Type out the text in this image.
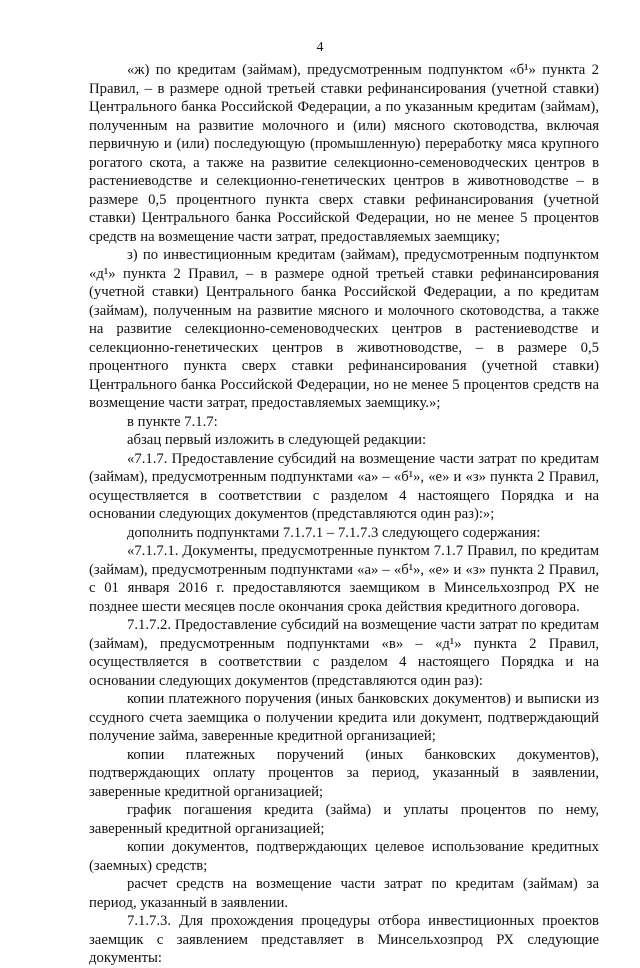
4

«ж) по кредитам (займам), предусмотренным подпунктом «б¹» пункта 2 Правил, – в размере одной третьей ставки рефинансирования (учетной ставки) Центрального банка Российской Федерации, а по указанным кредитам (займам), полученным на развитие молочного и (или) мясного скотоводства, включая первичную и (или) последующую (промышленную) переработку мяса крупного рогатого скота, а также на развитие селекционно-семеноводческих центров в растениеводстве и селекционно-генетических центров в животноводстве – в размере 0,5 процентного пункта сверх ставки рефинансирования (учетной ставки) Центрального банка Российской Федерации, но не менее 5 процентов средств на возмещение части затрат, предоставляемых заемщику;

з) по инвестиционным кредитам (займам), предусмотренным подпунктом «д¹» пункта 2 Правил, – в размере одной третьей ставки рефинансирования (учетной ставки) Центрального банка Российской Федерации, а по кредитам (займам), полученным на развитие мясного и молочного скотоводства, а также на развитие селекционно-семеноводческих центров в растениеводстве и селекционно-генетических центров в животноводстве, – в размере 0,5 процентного пункта сверх ставки рефинансирования (учетной ставки) Центрального банка Российской Федерации, но не менее 5 процентов средств на возмещение части затрат, предоставляемых заемщику.»;

в пункте 7.1.7:

абзац первый изложить в следующей редакции:

«7.1.7. Предоставление субсидий на возмещение части затрат по кредитам (займам), предусмотренным подпунктами «а» – «б¹», «е» и «з» пункта 2 Правил, осуществляется в соответствии с разделом 4 настоящего Порядка и на основании следующих документов (представляются один раз):»;

дополнить подпунктами 7.1.7.1 – 7.1.7.3 следующего содержания:

«7.1.7.1. Документы, предусмотренные пунктом 7.1.7 Правил, по кредитам (займам), предусмотренным подпунктами «а» – «б¹», «е» и «з» пункта 2 Правил, с 01 января 2016 г. предоставляются заемщиком в Минсельхозпрод РХ не позднее шести месяцев после окончания срока действия кредитного договора.

7.1.7.2. Предоставление субсидий на возмещение части затрат по кредитам (займам), предусмотренным подпунктами «в» – «д¹» пункта 2 Правил, осуществляется в соответствии с разделом 4 настоящего Порядка и на основании следующих документов (представляются один раз):

копии платежного поручения (иных банковских документов) и выписки из ссудного счета заемщика о получении кредита или документ, подтверждающий получение займа, заверенные кредитной организацией;

копии платежных поручений (иных банковских документов), подтверждающих оплату процентов за период, указанный в заявлении, заверенные кредитной организацией;

график погашения кредита (займа) и уплаты процентов по нему, заверенный кредитной организацией;

копии документов, подтверждающих целевое использование кредитных (заемных) средств;

расчет средств на возмещение части затрат по кредитам (займам) за период, указанный в заявлении.

7.1.7.3. Для прохождения процедуры отбора инвестиционных проектов заемщик с заявлением представляет в Минсельхозпрод РХ следующие документы:
